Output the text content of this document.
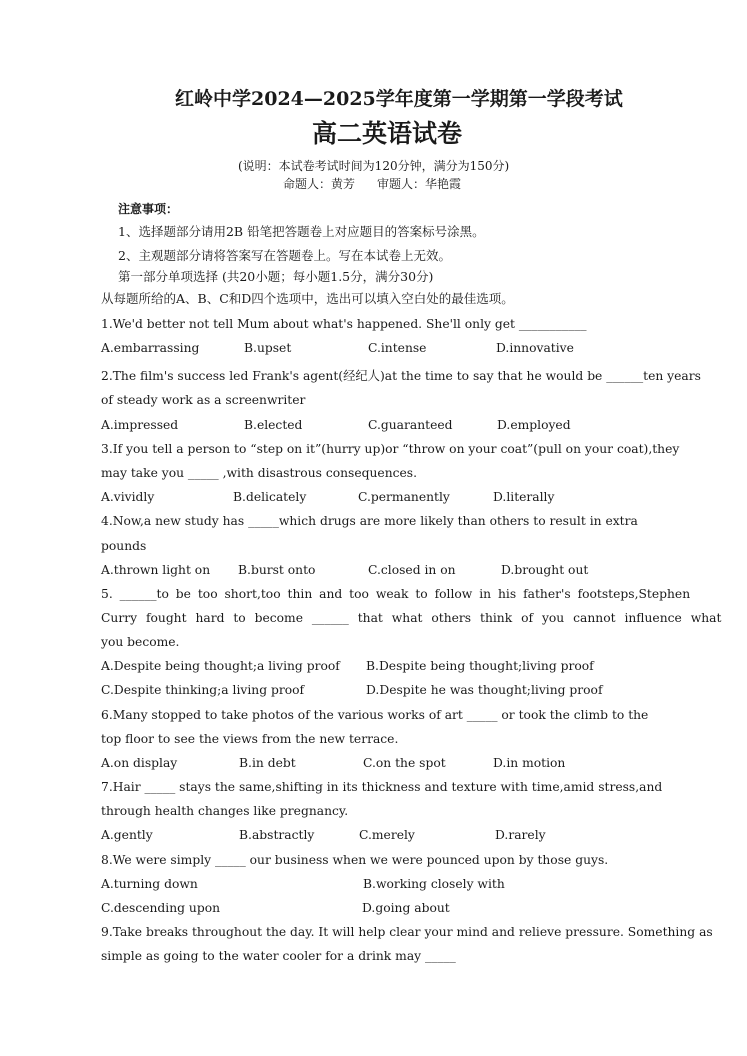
红岭中学2024—2025学年度第一学期第一学段考试
高二英语试卷
(说明：本试卷考试时间为120分钟，满分为150分)
命题人：黄芳 审题人：华艳霞
注意事项：
1、选择题部分请用2B 铅笔把答题卷上对应题目的答案标号涂黑。
2、主观题部分请将答案写在答题卷上。写在本试卷上无效。
第一部分单项选择 (共20小题；每小题1.5分，满分30分)
从每题所给的A、B、C和D四个选项中，选出可以填入空白处的最佳选项。
1.We'd better not tell Mum about what's happened. She'll only get ___________
A.embarrassing	B.upset	C.intense	D.innovative
2.The film's success led Frank's agent(经纪人)at the time to say that he would be ______ten years
of steady work as a screenwriter
A.impressed	B.elected	C.guaranteed	D.employed
3.If you tell a person to “step on it”(hurry up)or “throw on your coat”(pull on your coat),they
may take you _____ ,with disastrous consequences.
A.vividly	B.delicately	C.permanently	D.literally
4.Now,a new study has _____which drugs are more likely than others to result in extra
pounds
A.thrown light on B.burst onto	C.closed in on	D.brought out
5. ______to be too short,too thin and too weak to follow in his father's footsteps,Stephen
Curry fought hard to become ______ that what others think of you cannot influence what
you become.
A.Despite being thought;a living proof B.Despite being thought;living proof
C.Despite thinking;a living proof	D.Despite he was thought;living proof
6.Many stopped to take photos of the various works of art _____ or took the climb to the
top floor to see the views from the new terrace.
A.on display	B.in debt	C.on the spot	D.in motion
7.Hair _____ stays the same,shifting in its thickness and texture with time,amid stress,and
through health changes like pregnancy.
A.gently	B.abstractly	C.merely	D.rarely
8.We were simply _____ our business when we were pounced upon by those guys.
A.turning down	B.working closely with
C.descending upon	D.going about
9.Take breaks throughout the day. It will help clear your mind and relieve pressure. Something as
simple as going to the water cooler for a drink may _____
